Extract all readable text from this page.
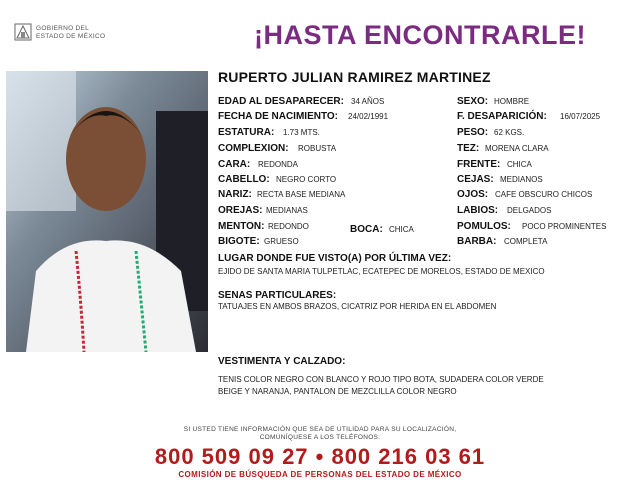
GOBIERNO DEL
ESTADO DE MÉXICO	¡HASTA ENCONTRARLE!
RUPERTO JULIAN RAMIREZ MARTINEZ
EDAD AL DESAPARECER: 34 AÑOS
FECHA DE NACIMIENTO: 24/02/1991
ESTATURA: 1.73 MTS.
COMPLEXION: ROBUSTA
CARA: REDONDA
CABELLO: NEGRO CORTO
NARIZ: RECTA BASE MEDIANA
OREJAS: MEDIANAS
MENTON: REDONDO	BOCA: CHICA
BIGOTE: GRUESO
SEXO: HOMBRE
F. DESAPARICIÓN: 16/07/2025
PESO: 62 KGS.
TEZ: MORENA CLARA
FRENTE: CHICA
CEJAS: MEDIANOS
OJOS: CAFE OBSCURO CHICOS
LABIOS: DELGADOS
POMULOS: POCO PROMINENTES
BARBA: COMPLETA
LUGAR DONDE FUE VISTO(A) POR ÚLTIMA VEZ:
EJIDO DE SANTA MARIA TULPETLAC, ECATEPEC DE MORELOS, ESTADO DE MEXICO
SENAS PARTICULARES:
TATUAJES EN AMBOS BRAZOS, CICATRIZ POR HERIDA EN EL ABDOMEN
VESTIMENTA Y CALZADO:
TENIS COLOR NEGRO CON BLANCO Y ROJO TIPO BOTA, SUDADERA COLOR VERDE
BEIGE Y NARANJA, PANTALON DE MEZCLILLA COLOR NEGRO
SI USTED TIENE INFORMACIÓN QUE SEA DE UTILIDAD PARA SU LOCALIZACIÓN,
COMUNÍQUESE A LOS TELÉFONOS:
800 509 09 27 • 800 216 03 61
COMISIÓN DE BÚSQUEDA DE PERSONAS DEL ESTADO DE MÉXICO
